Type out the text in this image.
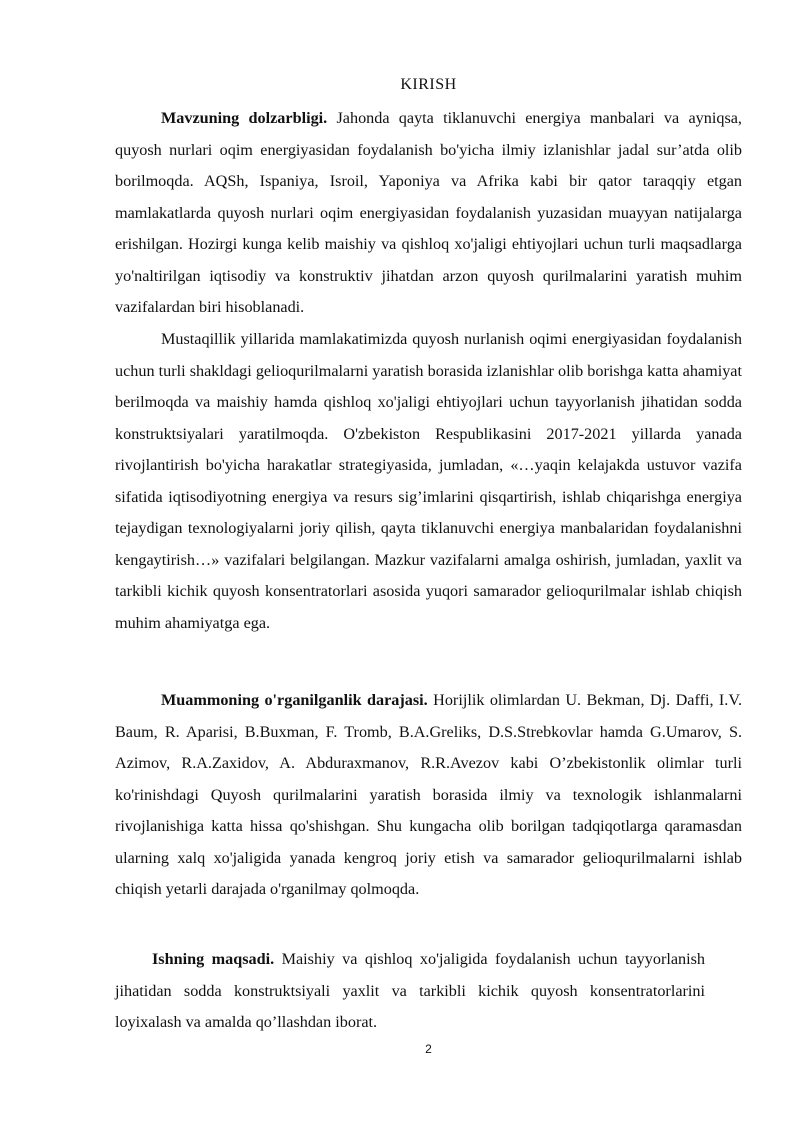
KIRISH

Mavzuning dolzarbligi. Jahonda qayta tiklanuvchi energiya manbalari va ayniqsa, quyosh nurlari oqim energiyasidan foydalanish bo'yicha ilmiy izlanishlar jadal sur’atda olib borilmoqda. AQSh, Ispaniya, Isroil, Yaponiya va Afrika kabi bir qator taraqqiy etgan mamlakatlarda quyosh nurlari oqim energiyasidan foydalanish yuzasidan muayyan natijalarga erishilgan. Hozirgi kunga kelib maishiy va qishloq xo'jaligi ehtiyojlari uchun turli maqsadlarga yo'naltirilgan iqtisodiy va konstruktiv jihatdan arzon quyosh qurilmalarini yaratish muhim vazifalardan biri hisoblanadi.

Mustaqillik yillarida mamlakatimizda quyosh nurlanish oqimi energiyasidan foydalanish uchun turli shakldagi gelioqurilmalarni yaratish borasida izlanishlar olib borishga katta ahamiyat berilmoqda va maishiy hamda qishloq xo'jaligi ehtiyojlari uchun tayyorlanish jihatidan sodda konstruktsiyalari yaratilmoqda. O'zbekiston Respublikasini 2017-2021 yillarda yanada rivojlantirish bo'yicha harakatlar strategiyasida, jumladan, «…yaqin kelajakda ustuvor vazifa sifatida iqtisodiyotning energiya va resurs sig’imlarini qisqartirish, ishlab chiqarishga energiya tejaydigan texnologiyalarni joriy qilish, qayta tiklanuvchi energiya manbalaridan foydalanishni kengaytirish…» vazifalari belgilangan. Mazkur vazifalarni amalga oshirish, jumladan, yaxlit va tarkibli kichik quyosh konsentratorlari asosida yuqori samarador gelioqurilmalar ishlab chiqish muhim ahamiyatga ega.

Muammoning o'rganilganlik darajasi. Horijlik olimlardan U. Bekman, Dj. Daffi, I.V. Baum, R. Aparisi, B.Buxman, F. Tromb, B.A.Greliks, D.S.Strebkovlar hamda G.Umarov, S. Azimov, R.A.Zaxidov, A. Abduraxmanov, R.R.Avezov kabi O’zbekistonlik olimlar turli ko'rinishdagi Quyosh qurilmalarini yaratish borasida ilmiy va texnologik ishlanmalarni rivojlanishiga katta hissa qo'shishgan. Shu kungacha olib borilgan tadqiqotlarga qaramasdan ularning xalq xo'jaligida yanada kengroq joriy etish va samarador gelioqurilmalarni ishlab chiqish yetarli darajada o'rganilmay qolmoqda.

Ishning maqsadi. Maishiy va qishloq xo'jaligida foydalanish uchun tayyorlanish jihatidan sodda konstruktsiyali yaxlit va tarkibli kichik quyosh konsentratorlarini loyixalash va amalda qo’llashdan iborat.

2
